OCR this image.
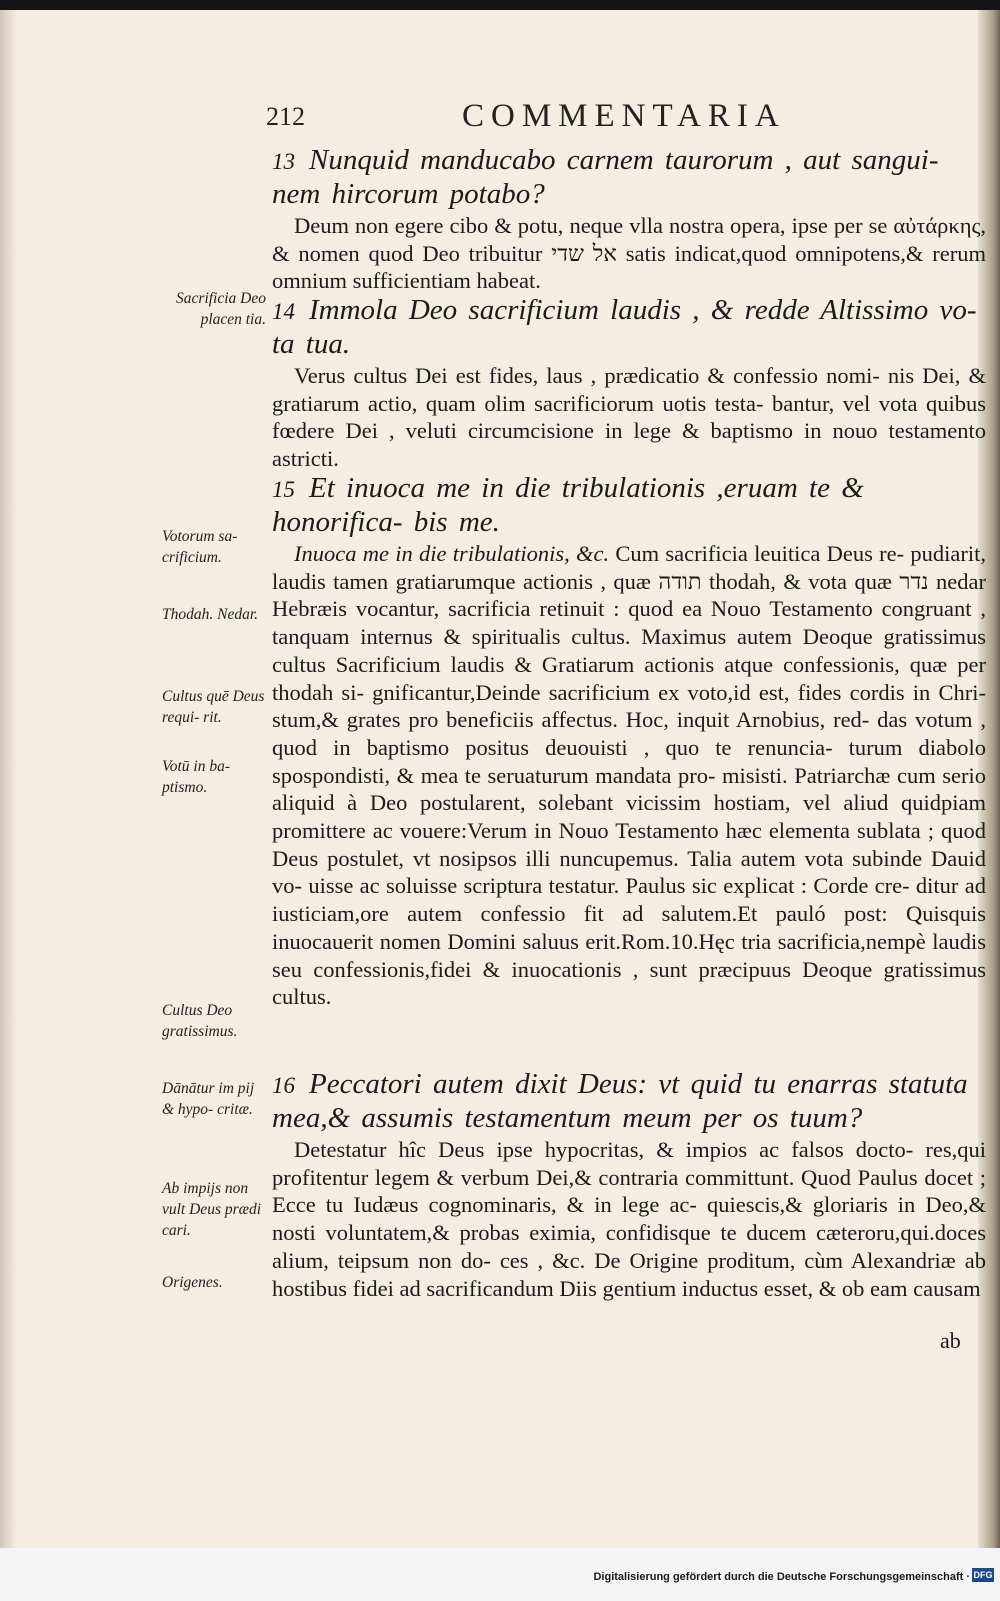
212	COMMENTARIA
13 Nunquid manducabo carnem taurorum , aut sangui- nem hircorum potabo?
Deum non egere cibo & potu, neque vlla nostra opera, ipse per se αὐτάρκης, & nomen quod Deo tribuitur אל שדי satis indicat,quod omnipotens,& rerum omnium sufficientiam habeat.
14 Immola Deo sacrificium laudis , & redde Altissimo vo- ta tua.
Verus cultus Dei est fides, laus , prædicatio & confessio nomi- nis Dei, & gratiarum actio, quam olim sacrificiorum uotis testa- bantur, vel vota quibus fœdere Dei , veluti circumcisione in lege & baptismo in nouo testamento astricti.
15 Et inuoca me in die tribulationis ,eruam te & honorifica- bis me.
Inuoca me in die tribulationis, &c. Cum sacrificia leuitica Deus re- pudiarit, laudis tamen gratiarumque actionis , quæ תודה thodah, & vota quæ נדר nedar Hebræis vocantur, sacrificia retinuit : quod ea Nouo Testamento congruant , tanquam internus & spiritualis cultus. Maximus autem Deoque gratissimus cultus Sacrificium laudis & Gratiarum actionis atque confessionis, quæ per thodah si- gnificantur,Deinde sacrificium ex voto,id est, fides cordis in Chri- stum,& grates pro beneficiis affectus. Hoc, inquit Arnobius, red- das votum , quod in baptismo positus deuouisti , quo te renuncia- turum diabolo spospondisti, & mea te seruaturum mandata pro- misisti. Patriarchæ cum serio aliquid à Deo postularent, solebant vicissim hostiam, vel aliud quidpiam promittere ac vouere:Verum in Nouo Testamento hæc elementa sublata ; quod Deus postulet, vt nosipsos illi nuncupemus. Talia autem vota subinde Dauid vo- uisse ac soluisse scriptura testatur. Paulus sic explicat : Corde cre- ditur ad iusticiam,ore autem confessio fit ad salutem.Et pauló post: Quisquis inuocauerit nomen Domini saluus erit.Rom.10.Hęc tria sacrificia,nempè laudis seu confessionis,fidei & inuocationis , sunt præcipuus Deoque gratissimus cultus.
16 Peccatori autem dixit Deus: vt quid tu enarras statuta mea,& assumis testamentum meum per os tuum?
Detestatur hîc Deus ipse hypocritas, & impios ac falsos docto- res,qui profitentur legem & verbum Dei,& contraria committunt. Quod Paulus docet ; Ecce tu Iudæus cognominaris, & in lege ac- quiescis,& gloriaris in Deo,& nosti voluntatem,& probas eximia, confidisque te ducem cæteroru,qui.doces alium, teipsum non do- ces , &c. De Origine proditum, cùm Alexandriæ ab hostibus fidei ad sacrificandum Diis gentium inductus esset, & ob eam causam
ab
Sacrificia Deo placen tia.
Votorum sa- crificium.
Thodah. Nedar.
Cultus quē Deus requi- rit.
Votū in ba- ptismo.
Cultus Deo gratissimus.
Dānātur im pij & hypo- critæ.
Ab impijs non vult Deus prædi cari.
Origenes.
Digitalisierung gefördert durch die Deutsche Forschungsgemeinschaft · DFG
